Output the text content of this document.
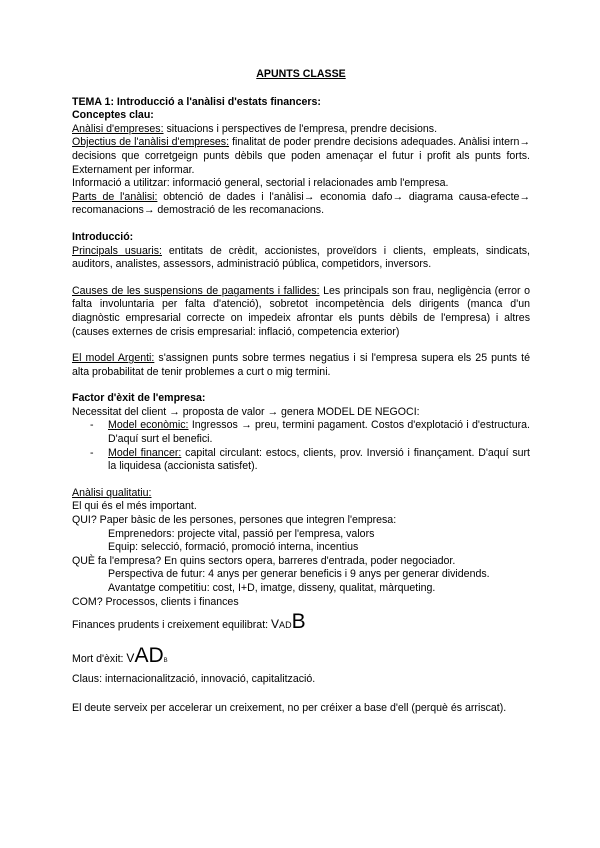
APUNTS CLASSE

TEMA 1: Introducció a l'anàlisi d'estats financers:

Conceptes clau:

Anàlisi d'empreses: situacions i perspectives de l'empresa, prendre decisions.

Objectius de l'anàlisi d'empreses: finalitat de poder prendre decisions adequades. Anàlisi intern→ decisions que corretgeign punts dèbils que poden amenaçar el futur i profit als punts forts. Externament per informar.

Informació a utilitzar: informació general, sectorial i relacionades amb l'empresa.

Parts de l'anàlisi: obtenció de dades i l'anàlisi→ economia dafo→ diagrama causa-efecte→ recomanacions→ demostració de les recomanacions.

Introducció:

Principals usuaris: entitats de crèdit, accionistes, proveïdors i clients, empleats, sindicats, auditors, analistes, assessors, administració pública, competidors, inversors.

Causes de les suspensions de pagaments i fallides: Les principals son frau, negligència (error o falta involuntaria per falta d'atenció), sobretot incompetència dels dirigents (manca d'un diagnòstic empresarial correcte on impedeix afrontar els punts dèbils de l'empresa) i altres (causes externes de crisis empresarial: inflació, competencia exterior)

El model Argenti: s'assignen punts sobre termes negatius i si l'empresa supera els 25 punts té alta probabilitat de tenir problemes a curt o mig termini.

Factor d'èxit de l'empresa:

Necessitat del client → proposta de valor → genera MODEL DE NEGOCI:

- Model econòmic: Ingressos → preu, termini pagament. Costos d'explotació i d'estructura. D'aquí surt el benefici.
- Model financer: capital circulant: estocs, clients, prov. Inversió i finançament. D'aquí surt la liquidesa (accionista satisfet).

Anàlisi qualitatiu:

El qui és el més important.

QUI? Paper bàsic de les persones, persones que integren l'empresa:

Emprenedors: projecte vital, passió per l'empresa, valors

Equip: selecció, formació, promoció interna, incentius

QUÈ fa l'empresa? En quins sectors opera, barreres d'entrada, poder negociador.

Perspectiva de futur: 4 anys per generar beneficis i 9 anys per generar dividends.

Avantatge competitiu: cost, I+D, imatge, disseny, qualitat, màrqueting.

COM? Processos, clients i finances

Finances prudents i creixement equilibrat: VADB

Mort d'èxit: VADB

Claus: internacionalització, innovació, capitalització.

El deute serveix per accelerar un creixement, no per créixer a base d'ell (perquè és arriscat).
